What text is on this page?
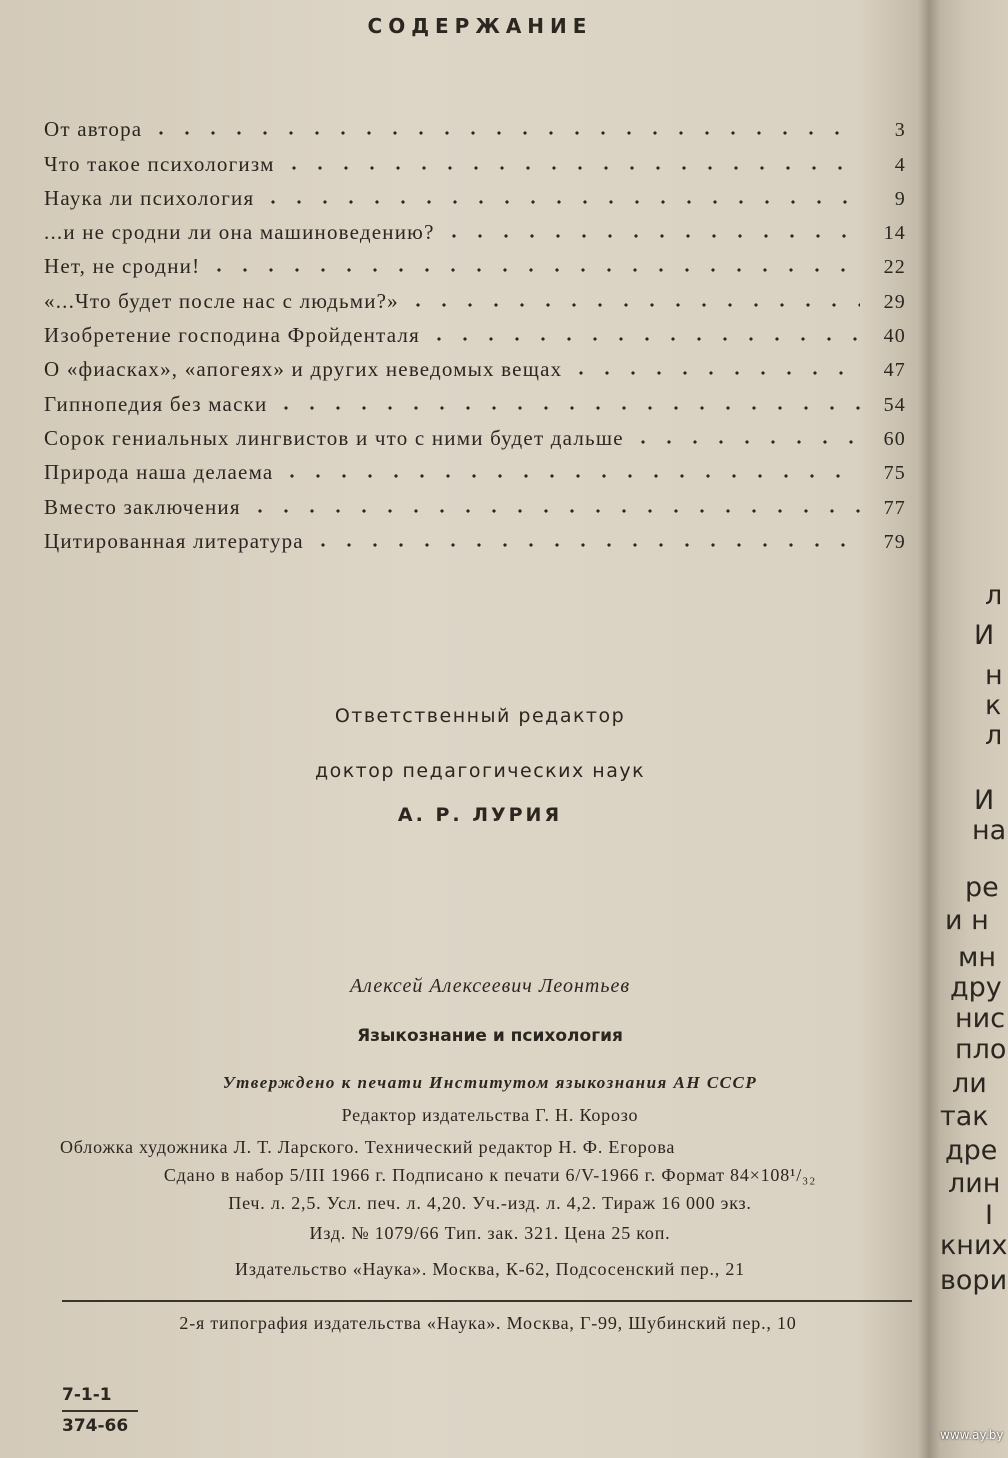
СОДЕРЖАНИЕ
От автора	3
Что такое психологизм	4
Наука ли психология	9
...и не сродни ли она машиноведению?	14
Нет, не сродни!	22
«...Что будет после нас с людьми?»	29
Изобретение господина Фройденталя	40
О «фиасках», «апогеях» и других неведомых вещах	47
Гипнопедия без маски	54
Сорок гениальных лингвистов и что с ними будет дальше	60
Природа наша делаема	75
Вместо заключения	77
Цитированная литература	79
Ответственный редактор
доктор педагогических наук
А. Р. ЛУРИЯ
Алексей Алексеевич Леонтьев
Языкознание и психология
Утверждено к печати Институтом языкознания АН СССР
Редактор издательства Г. Н. Корозо
Обложка художника Л. Т. Ларского. Технический редактор Н. Ф. Егорова
Сдано в набор 5/III 1966 г. Подписано к печати 6/V-1966 г. Формат 84×108¹/₃₂
Печ. л. 2,5. Усл. печ. л. 4,20. Уч.-изд. л. 4,2. Тираж 16 000 экз.
Изд. № 1079/66 Тип. зак. 321. Цена 25 коп.
Издательство «Наука». Москва, К-62, Подсосенский пер., 21
2-я типография издательства «Наука». Москва, Г-99, Шубинский пер., 10
7-1-1
374-66
л
И
н
к
л
И
на
ре
и н
мн
дру
нис
пло
ли
так
дре
лин
I
кних
вори
www.ay.by
